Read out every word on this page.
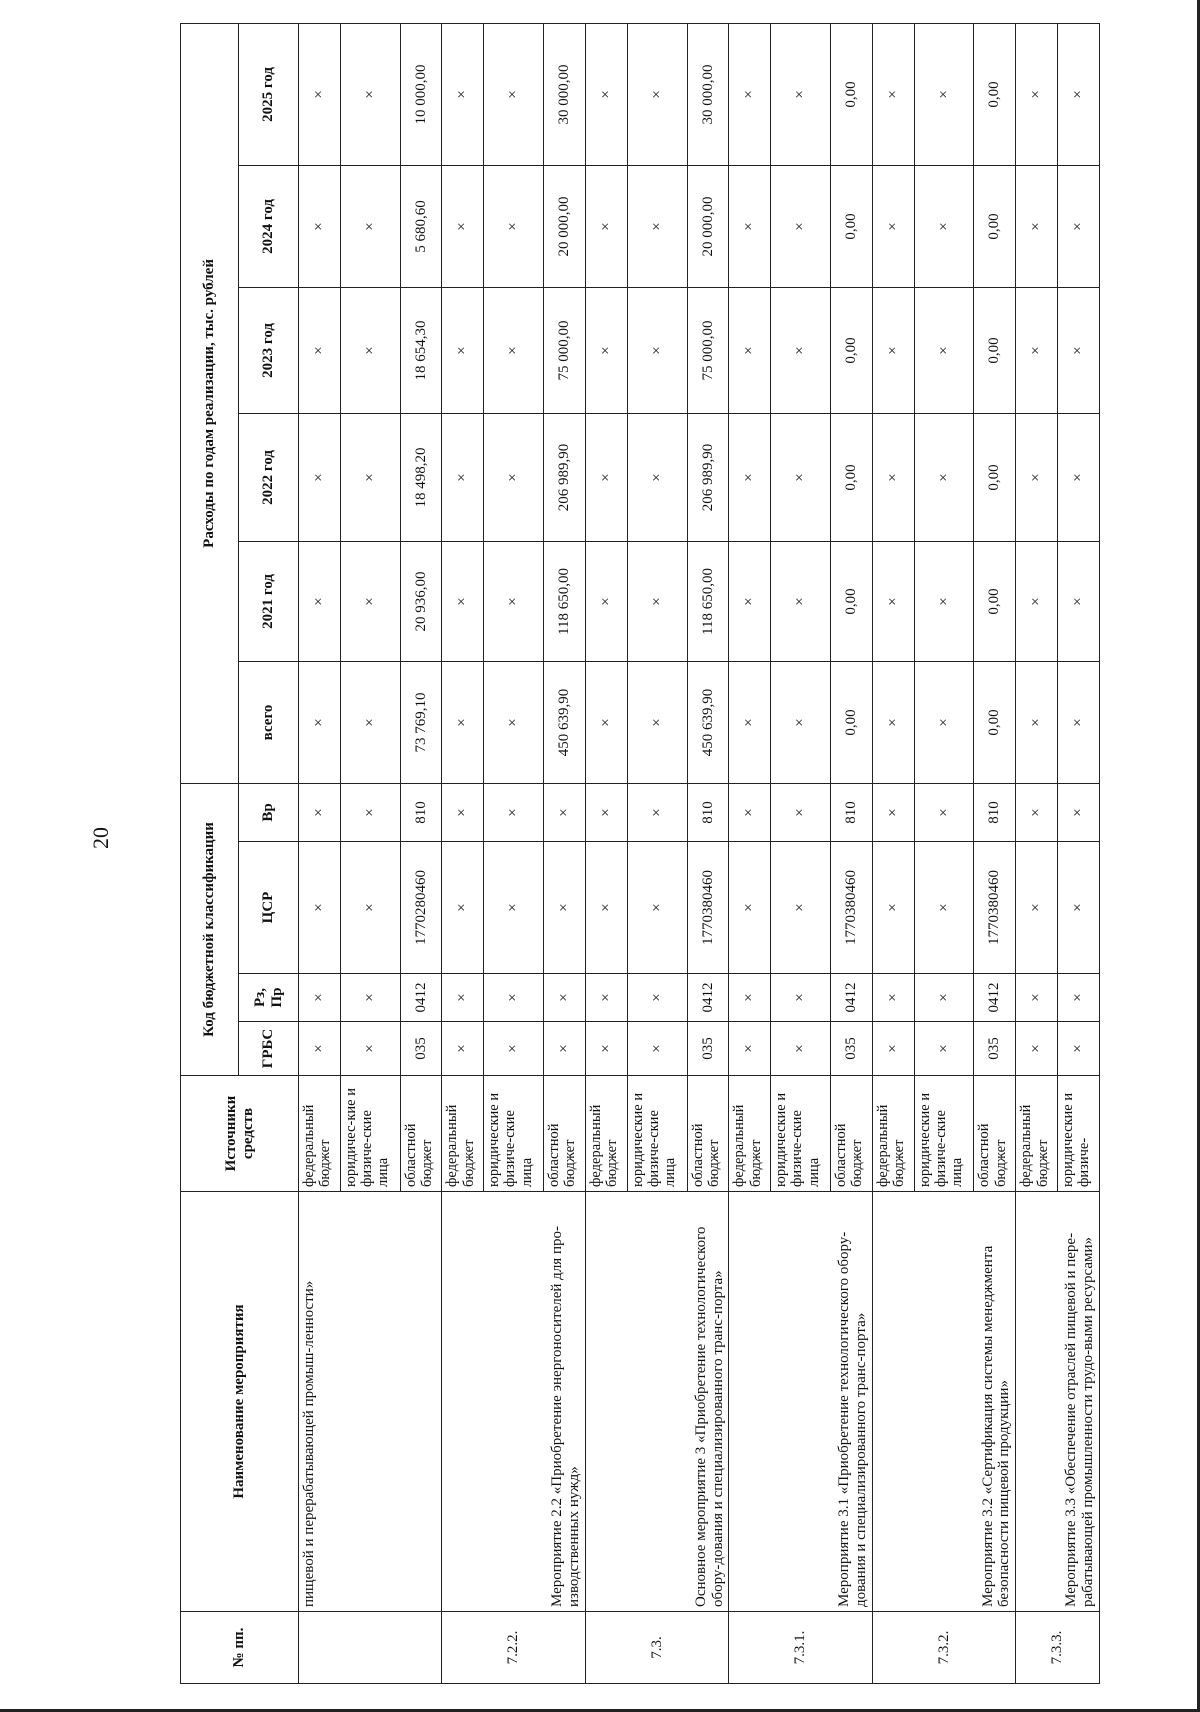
20
№ пп.	Наименование мероприятия	Источники средств	Код бюджетной классификации				Расходы по годам реализации, тыс. рублей					
			ГРБС	Рз, Пр	ЦСР	Вр	всего	2021 год	2022 год	2023 год	2024 год	2025 год
	пищевой и перерабатывающей промыш-ленности»	федеральный бюджет	×	×	×	×	×	×	×	×	×	×
		юридичес-кие и физиче-ские лица	×	×	×	×	×	×	×	×	×	×
		областной бюджет	035	0412	1770280460	810	73 769,10	20 936,00	18 498,20	18 654,30	5 680,60	10 000,00
7.2.2.	Мероприятие 2.2 «Приобретение энергоносителей для про-изводственных нужд»	федеральный бюджет	×	×	×	×	×	×	×	×	×	×
		юридические и физиче-ские лица	×	×	×	×	×	×	×	×	×	×
		областной бюджет	×	×	×	×	450 639,90	118 650,00	206 989,90	75 000,00	20 000,00	30 000,00
7.3.	Основное мероприятие 3 «Приобретение технологического обору-дования и специализированного транс-порта»	федеральный бюджет	×	×	×	×	×	×	×	×	×	×
		юридические и физиче-ские лица	×	×	×	×	×	×	×	×	×	×
		областной бюджет	035	0412	1770380460	810	450 639,90	118 650,00	206 989,90	75 000,00	20 000,00	30 000,00
7.3.1.	Мероприятие 3.1 «Приобретение технологического обору-дования и специализированного транс-порта»	федеральный бюджет	×	×	×	×	×	×	×	×	×	×
		юридические и физиче-ские лица	×	×	×	×	×	×	×	×	×	×
		областной бюджет	035	0412	1770380460	810	0,00	0,00	0,00	0,00	0,00	0,00
7.3.2.	Мероприятие 3.2 «Сертификация системы менеджмента безопасности пищевой продукции»	федеральный бюджет	×	×	×	×	×	×	×	×	×	×
		юридические и физиче-ские лица	×	×	×	×	×	×	×	×	×	×
		областной бюджет	035	0412	1770380460	810	0,00	0,00	0,00	0,00	0,00	0,00
7.3.3.	Мероприятие 3.3 «Обеспечение отраслей пищевой и пере-рабатывающей промышленности трудо-выми ресурсами»	федеральный бюджет	×	×	×	×	×	×	×	×	×	×
		юридические и физиче-	×	×	×	×	×	×	×	×	×	×
